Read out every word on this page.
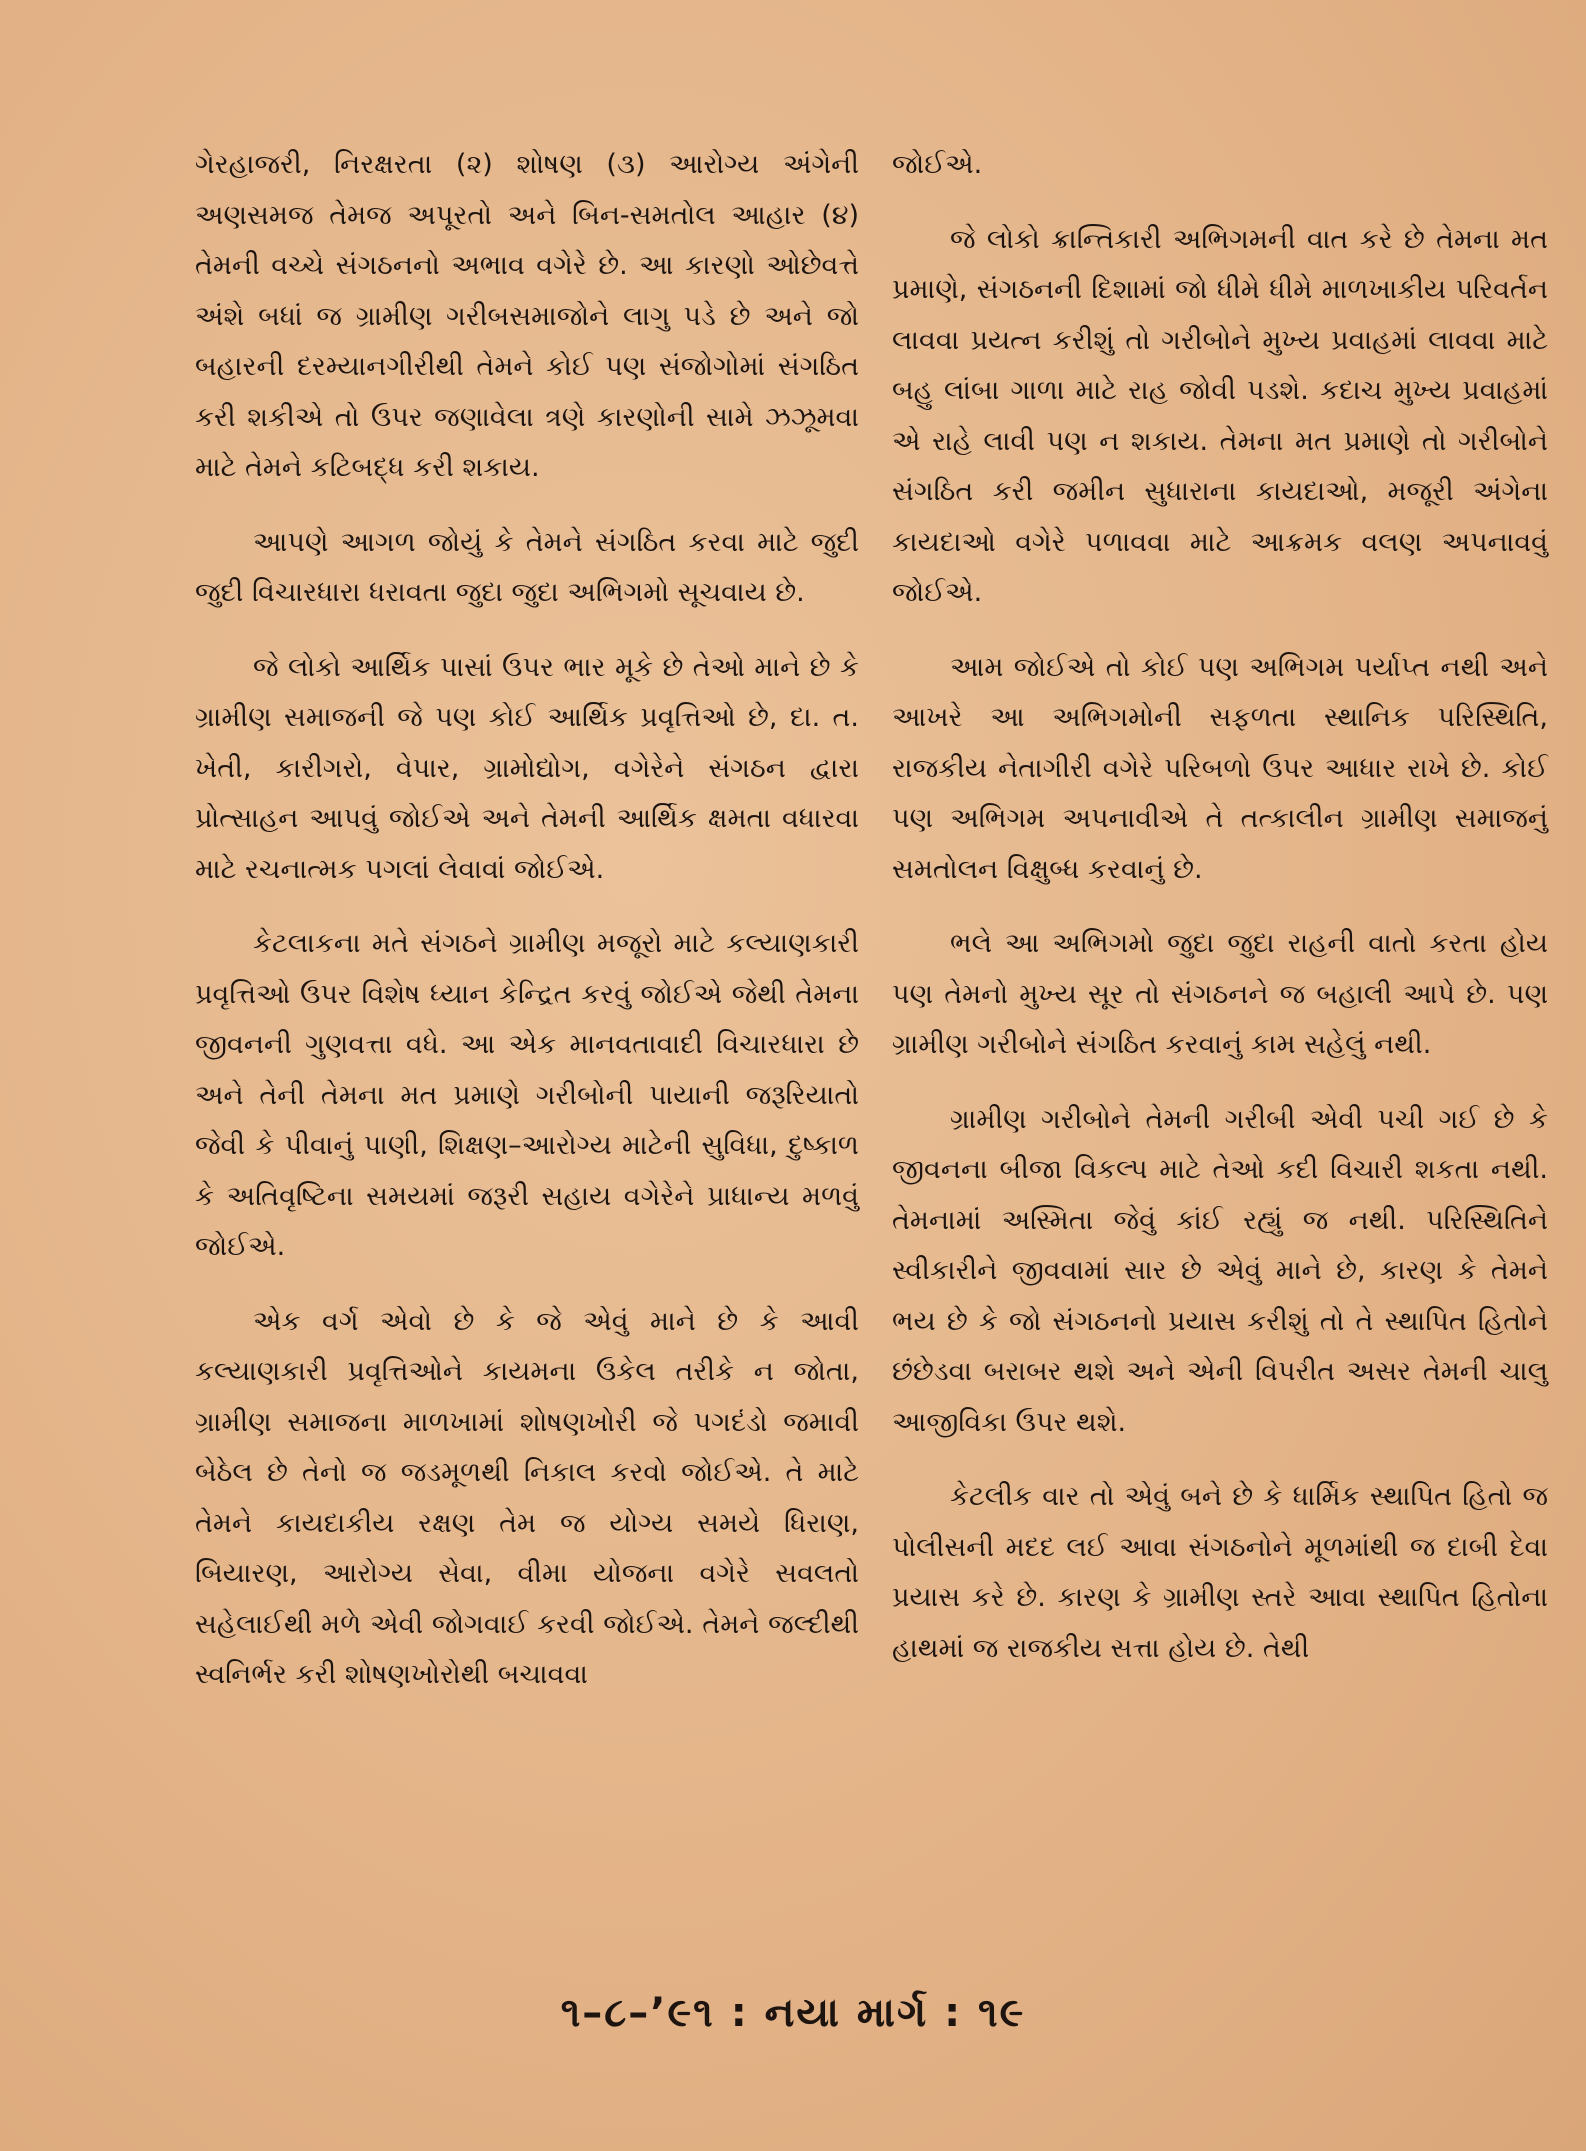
ગેરહાજરી, નિરક્ષરતા (૨) શોષણ (૩) આરોગ્ય અંગેની અણસમજ તેમજ અપૂરતો અને બિન-સમતોલ આહાર (૪) તેમની વચ્ચે સંગઠનનો અભાવ વગેરે છે. આ કારણો ઓછેવત્તે અંશે બધાં જ ગ્રામીણ ગરીબસમાજોને લાગુ પડે છે અને જો બહારની દરમ્યાનગીરીથી તેમને કોઈ પણ સંજોગોમાં સંગઠિત કરી શકીએ તો ઉપર જણાવેલા ત્રણે કારણોની સામે ઝઝૂમવા માટે તેમને કટિબદ્ધ કરી શકાય.

આપણે આગળ જોયું કે તેમને સંગઠિત કરવા માટે જુદી જુદી વિચારધારા ધરાવતા જુદા જુદા અભિગમો સૂચવાય છે.

જે લોકો આર્થિક પાસાં ઉપર ભાર મૂકે છે તેઓ માને છે કે ગ્રામીણ સમાજની જે પણ કોઈ આર્થિક પ્રવૃત્તિઓ છે, દા. ત. ખેતી, કારીગરો, વેપાર, ગ્રામોદ્યોગ, વગેરેને સંગઠન દ્વારા પ્રોત્સાહન આપવું જોઈએ અને તેમની આર્થિક ક્ષમતા વધારવા માટે રચનાત્મક પગલાં લેવાવાં જોઈએ.

કેટલાકના મતે સંગઠને ગ્રામીણ મજૂરો માટે કલ્યાણકારી પ્રવૃત્તિઓ ઉપર વિશેષ ધ્યાન કેન્દ્રિત કરવું જોઈએ જેથી તેમના જીવનની ગુણવત્તા વધે. આ એક માનવતાવાદી વિચારધારા છે અને તેની તેમના મત પ્રમાણે ગરીબોની પાયાની જરૂરિયાતો જેવી કે પીવાનું પાણી, શિક્ષણ–આરોગ્ય માટેની સુવિધા, દુષ્કાળ કે અતિવૃષ્ટિના સમયમાં જરૂરી સહાય વગેરેને પ્રાધાન્ય મળવું જોઈએ.

એક વર્ગ એવો છે કે જે એવું માને છે કે આવી કલ્યાણકારી પ્રવૃત્તિઓને કાયમના ઉકેલ તરીકે ન જોતા, ગ્રામીણ સમાજના માળખામાં શોષણખોરી જે પગદંડો જમાવી બેઠેલ છે તેનો જ જડમૂળથી નિકાલ કરવો જોઈએ. તે માટે તેમને કાયદાકીય રક્ષણ તેમ જ યોગ્ય સમયે ધિરાણ, બિયારણ, આરોગ્ય સેવા, વીમા યોજના વગેરે સવલતો સહેલાઈથી મળે એવી જોગવાઈ કરવી જોઈએ. તેમને જલ્દીથી સ્વનિર્ભર કરી શોષણખોરોથી બચાવવા

જોઈએ.

જે લોકો ક્રાન્તિકારી અભિગમની વાત કરે છે તેમના મત પ્રમાણે, સંગઠનની દિશામાં જો ધીમે ધીમે માળખાકીય પરિવર્તન લાવવા પ્રયત્ન કરીશું તો ગરીબોને મુખ્ય પ્રવાહમાં લાવવા માટે બહુ લાંબા ગાળા માટે રાહ જોવી પડશે. કદાચ મુખ્ય પ્રવાહમાં એ રાહે લાવી પણ ન શકાય. તેમના મત પ્રમાણે તો ગરીબોને સંગઠિત કરી જમીન સુધારાના કાયદાઓ, મજૂરી અંગેના કાયદાઓ વગેરે પળાવવા માટે આક્રમક વલણ અપનાવવું જોઈએ.

આમ જોઈએ તો કોઈ પણ અભિગમ પર્યાપ્ત નથી અને આખરે આ અભિગમોની સફળતા સ્થાનિક પરિસ્થિતિ, રાજકીય નેતાગીરી વગેરે પરિબળો ઉપર આધાર રાખે છે. કોઈ પણ અભિગમ અપનાવીએ તે તત્કાલીન ગ્રામીણ સમાજનું સમતોલન વિક્ષુબ્ધ કરવાનું છે.

ભલે આ અભિગમો જુદા જુદા રાહની વાતો કરતા હોય પણ તેમનો મુખ્ય સૂર તો સંગઠનને જ બહાલી આપે છે. પણ ગ્રામીણ ગરીબોને સંગઠિત કરવાનું કામ સહેલું નથી.

ગ્રામીણ ગરીબોને તેમની ગરીબી એવી પચી ગઈ છે કે જીવનના બીજા વિકલ્પ માટે તેઓ કદી વિચારી શકતા નથી. તેમનામાં અસ્મિતા જેવું કાંઈ રહ્યું જ નથી. પરિસ્થિતિને સ્વીકારીને જીવવામાં સાર છે એવું માને છે, કારણ કે તેમને ભય છે કે જો સંગઠનનો પ્રયાસ કરીશું તો તે સ્થાપિત હિતોને છંછેડવા બરાબર થશે અને એની વિપરીત અસર તેમની ચાલુ આજીવિકા ઉપર થશે.

કેટલીક વાર તો એવું બને છે કે ધાર્મિક સ્થાપિત હિતો જ પોલીસની મદદ લઈ આવા સંગઠનોને મૂળમાંથી જ દાબી દેવા પ્રયાસ કરે છે. કારણ કે ગ્રામીણ સ્તરે આવા સ્થાપિત હિતોના હાથમાં જ રાજકીય સત્તા હોય છે. તેથી

૧–૮–’૯૧ : નયા માર્ગ : ૧૯
